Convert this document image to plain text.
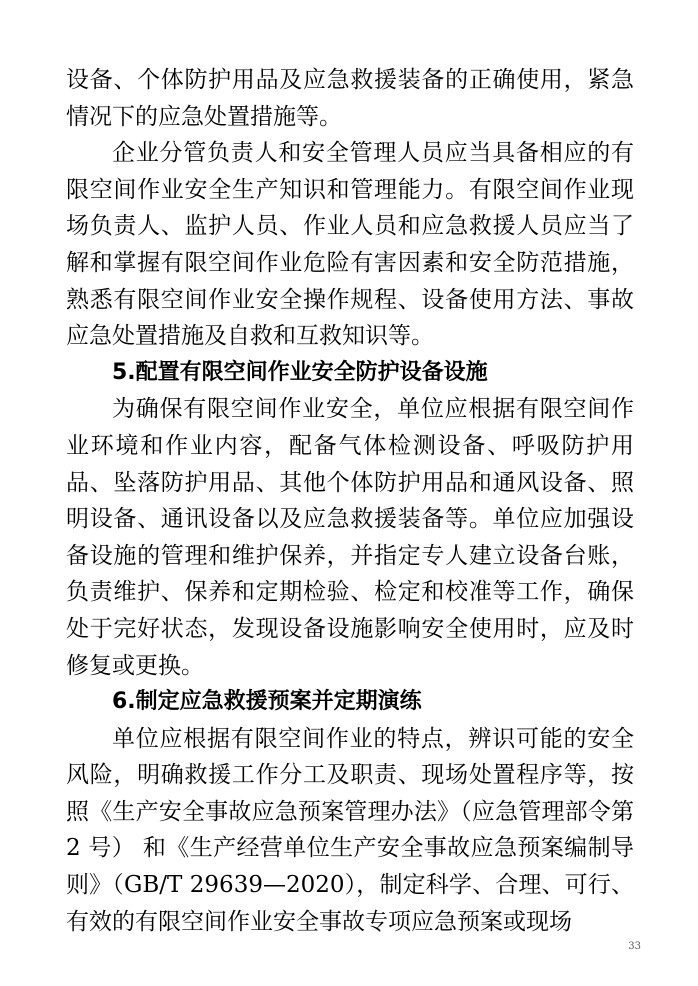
设备、个体防护用品及应急救援装备的正确使用，紧急情况下的应急处置措施等。

企业分管负责人和安全管理人员应当具备相应的有限空间作业安全生产知识和管理能力。有限空间作业现场负责人、监护人员、作业人员和应急救援人员应当了解和掌握有限空间作业危险有害因素和安全防范措施，熟悉有限空间作业安全操作规程、设备使用方法、事故应急处置措施及自救和互救知识等。

5.配置有限空间作业安全防护设备设施

为确保有限空间作业安全，单位应根据有限空间作业环境和作业内容，配备气体检测设备、呼吸防护用品、坠落防护用品、其他个体防护用品和通风设备、照明设备、通讯设备以及应急救援装备等。单位应加强设备设施的管理和维护保养，并指定专人建立设备台账，负责维护、保养和定期检验、检定和校准等工作，确保处于完好状态，发现设备设施影响安全使用时，应及时修复或更换。

6.制定应急救援预案并定期演练

单位应根据有限空间作业的特点，辨识可能的安全风险，明确救援工作分工及职责、现场处置程序等，按照《生产安全事故应急预案管理办法》（应急管理部令第 2 号） 和《生产经营单位生产安全事故应急预案编制导则》（GB/T 29639—2020），制定科学、合理、可行、有效的有限空间作业安全事故专项应急预案或现场

33
